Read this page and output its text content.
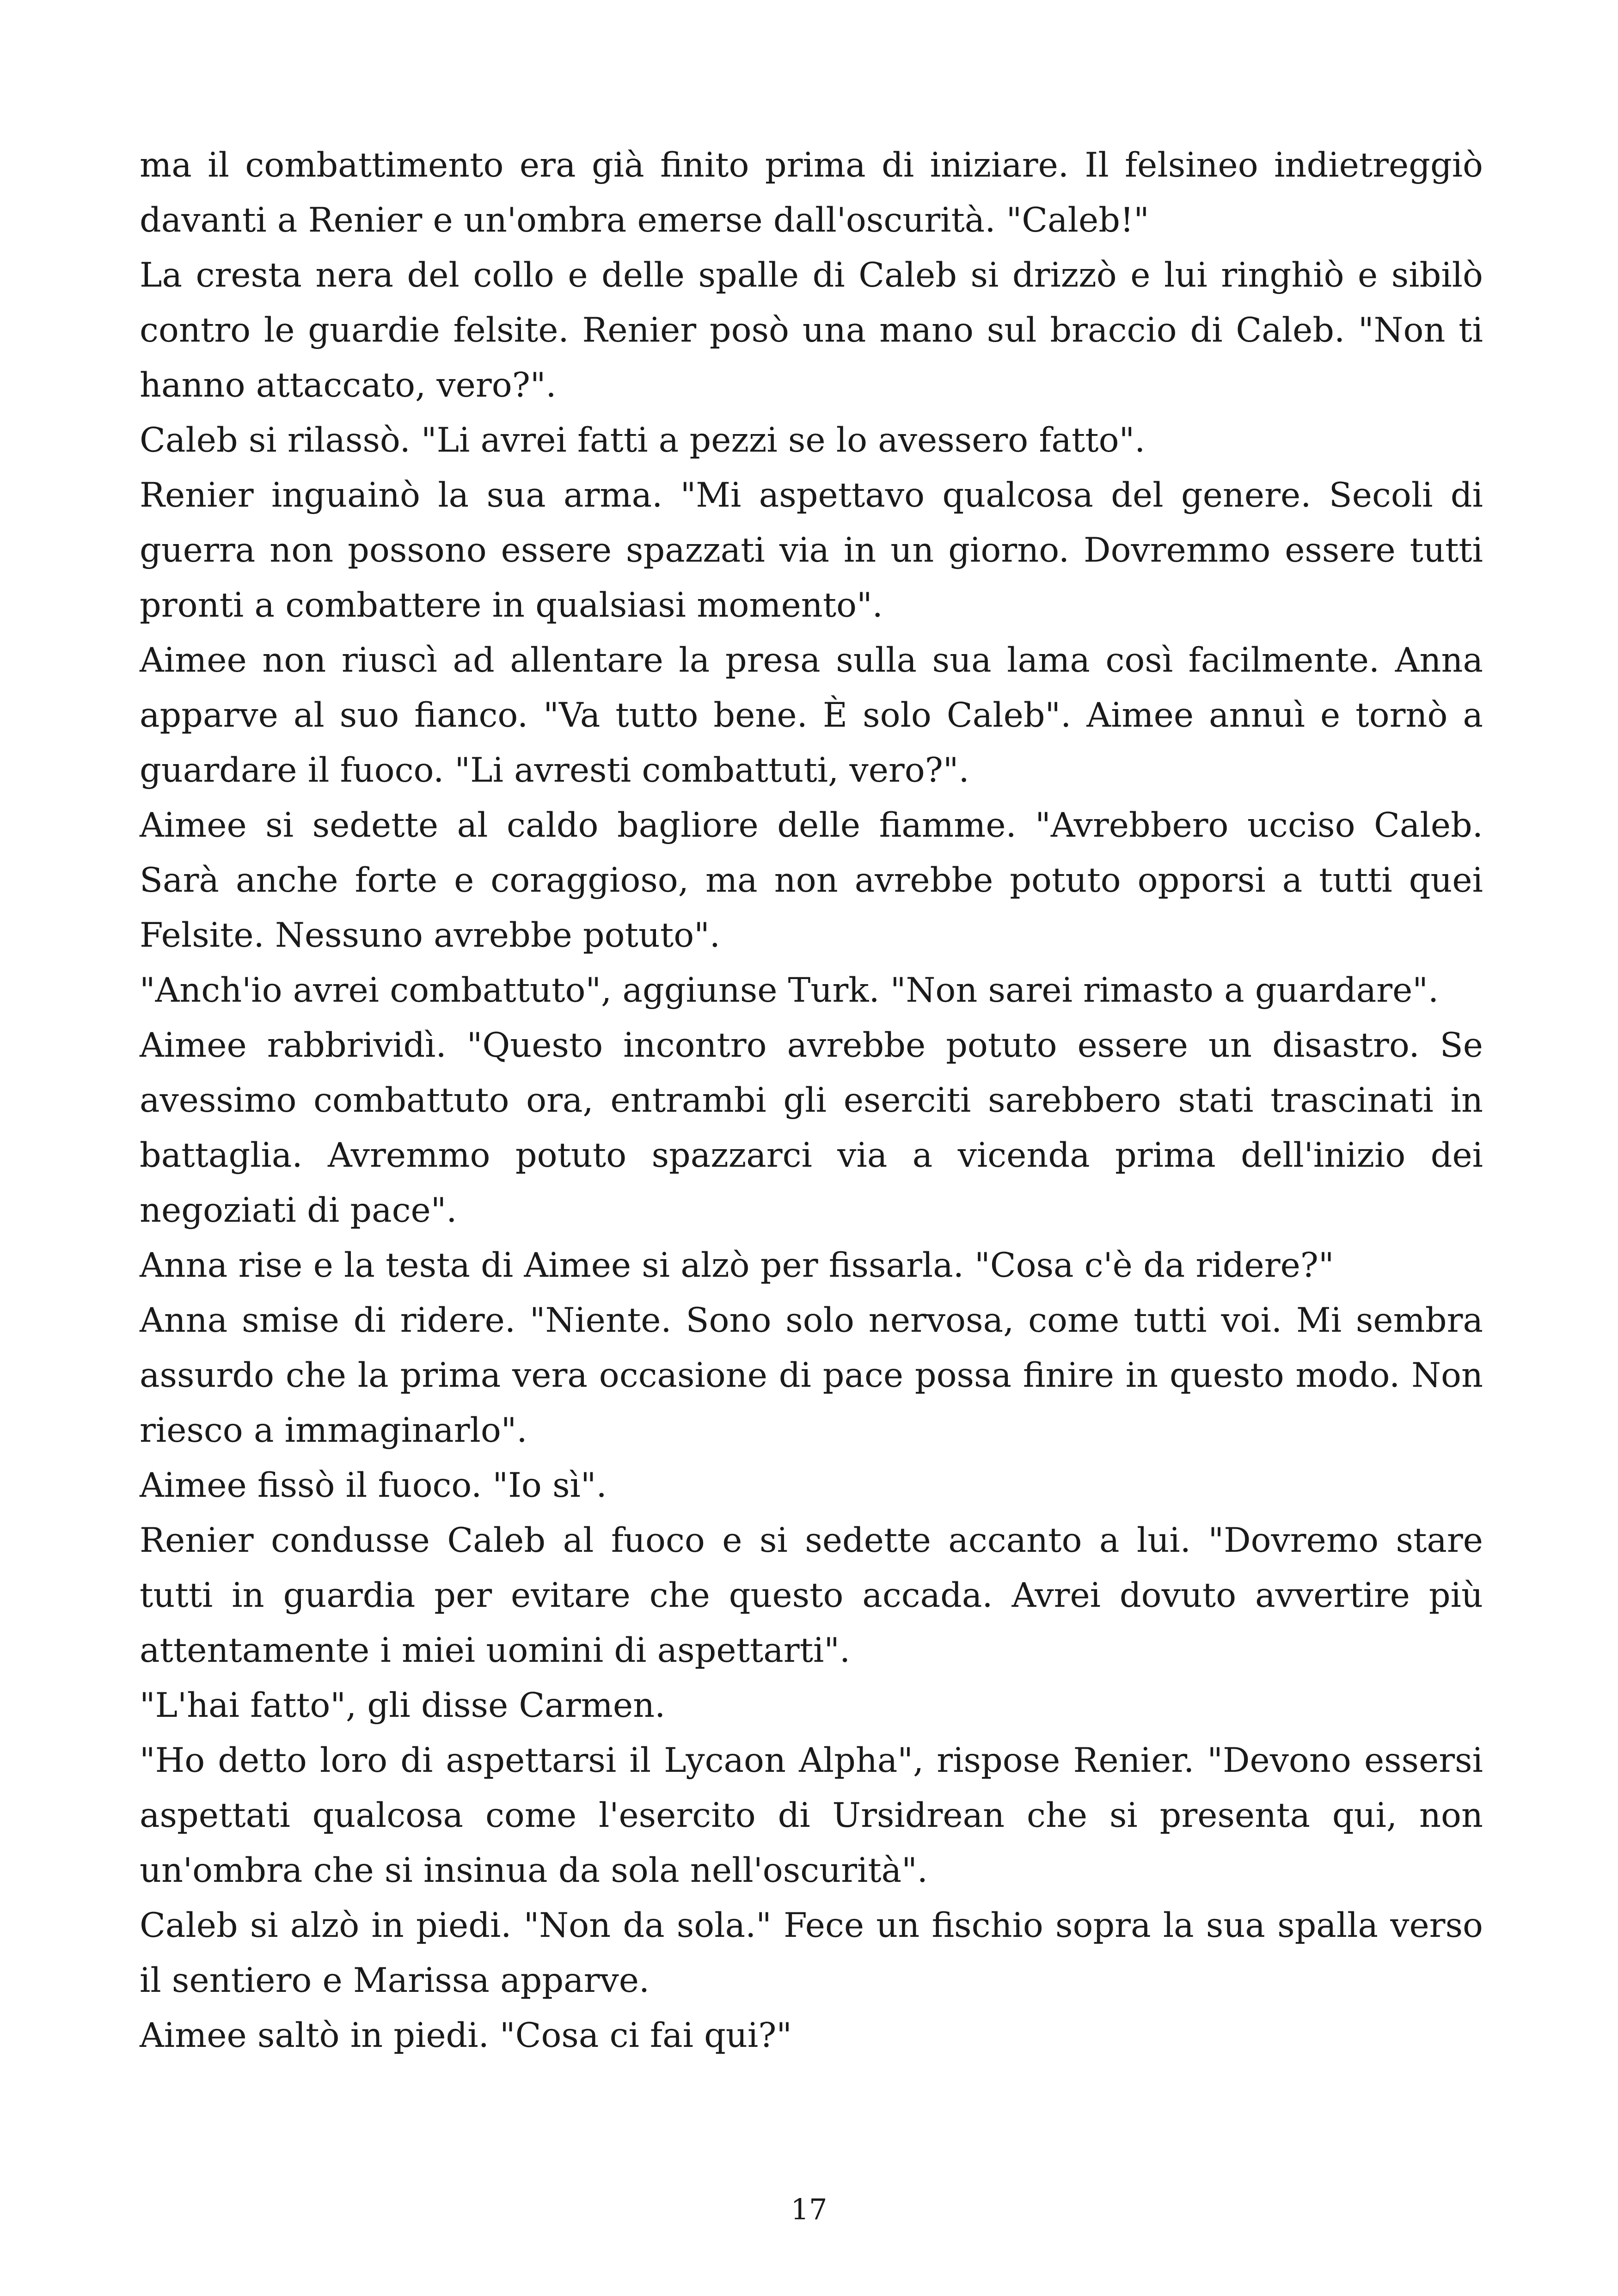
ma il combattimento era già finito prima di iniziare. Il felsineo indietreggiò davanti a Renier e un'ombra emerse dall'oscurità. "Caleb!"

La cresta nera del collo e delle spalle di Caleb si drizzò e lui ringhiò e sibilò contro le guardie felsite. Renier posò una mano sul braccio di Caleb. "Non ti hanno attaccato, vero?".

Caleb si rilassò. "Li avrei fatti a pezzi se lo avessero fatto".

Renier inguainò la sua arma. "Mi aspettavo qualcosa del genere. Secoli di guerra non possono essere spazzati via in un giorno. Dovremmo essere tutti pronti a combattere in qualsiasi momento".

Aimee non riuscì ad allentare la presa sulla sua lama così facilmente. Anna apparve al suo fianco. "Va tutto bene. È solo Caleb". Aimee annuì e tornò a guardare il fuoco. "Li avresti combattuti, vero?".

Aimee si sedette al caldo bagliore delle fiamme. "Avrebbero ucciso Caleb. Sarà anche forte e coraggioso, ma non avrebbe potuto opporsi a tutti quei Felsite. Nessuno avrebbe potuto".

"Anch'io avrei combattuto", aggiunse Turk. "Non sarei rimasto a guardare".

Aimee rabbrividì. "Questo incontro avrebbe potuto essere un disastro. Se avessimo combattuto ora, entrambi gli eserciti sarebbero stati trascinati in battaglia. Avremmo potuto spazzarci via a vicenda prima dell'inizio dei negoziati di pace".

Anna rise e la testa di Aimee si alzò per fissarla. "Cosa c'è da ridere?"

Anna smise di ridere. "Niente. Sono solo nervosa, come tutti voi. Mi sembra assurdo che la prima vera occasione di pace possa finire in questo modo. Non riesco a immaginarlo".

Aimee fissò il fuoco. "Io sì".

Renier condusse Caleb al fuoco e si sedette accanto a lui. "Dovremo stare tutti in guardia per evitare che questo accada. Avrei dovuto avvertire più attentamente i miei uomini di aspettarti".

"L'hai fatto", gli disse Carmen.

"Ho detto loro di aspettarsi il Lycaon Alpha", rispose Renier. "Devono essersi aspettati qualcosa come l'esercito di Ursidrean che si presenta qui, non un'ombra che si insinua da sola nell'oscurità".

Caleb si alzò in piedi. "Non da sola." Fece un fischio sopra la sua spalla verso il sentiero e Marissa apparve.

Aimee saltò in piedi. "Cosa ci fai qui?"

17
